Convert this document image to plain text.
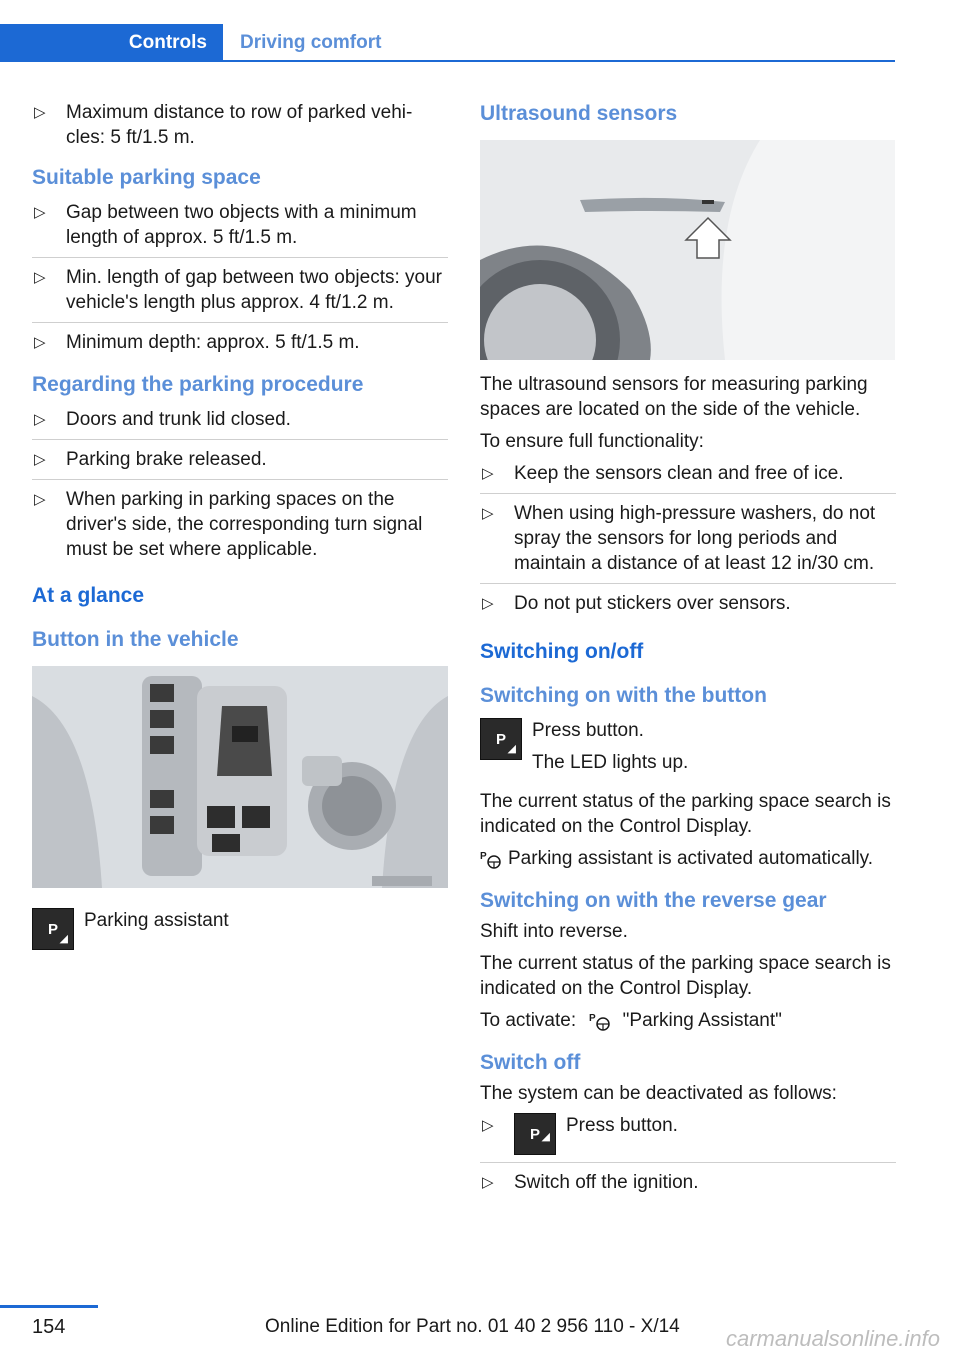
Controls	Driving comfort
▷ Maximum distance to row of parked vehi-cles: 5 ft/1.5 m.
Suitable parking space
▷ Gap between two objects with a minimum length of approx. 5 ft/1.5 m.
▷ Min. length of gap between two objects: your vehicle's length plus approx. 4 ft/1.2 m.
▷ Minimum depth: approx. 5 ft/1.5 m.
Regarding the parking procedure
▷ Doors and trunk lid closed.
▷ Parking brake released.
▷ When parking in parking spaces on the driver's side, the corresponding turn signal must be set where applicable.
At a glance
Button in the vehicle
P
◢
Parking assistant
Ultrasound sensors

The ultrasound sensors for measuring parking spaces are located on the side of the vehicle.

To ensure full functionality:

▷ Keep the sensors clean and free of ice.
▷ When using high-pressure washers, do not spray the sensors for long periods and maintain a distance of at least 12 in/30 cm.
▷ Do not put stickers over sensors.
Switching on/off
Switching on with the button
P
◢

Press button.

The LED lights up.

The current status of the parking space search is indicated on the Control Display.

P Parking assistant is activated automatically.

Switching on with the reverse gear

Shift into reverse.

The current status of the parking space search is indicated on the Control Display.

To activate: P "Parking Assistant"

Switch off

The system can be deactivated as follows:

▷	P ◢
Press button.
▷ Switch off the ignition.
154	Online Edition for Part no. 01 40 2 956 110 - X/14 carmanualsonline.info
